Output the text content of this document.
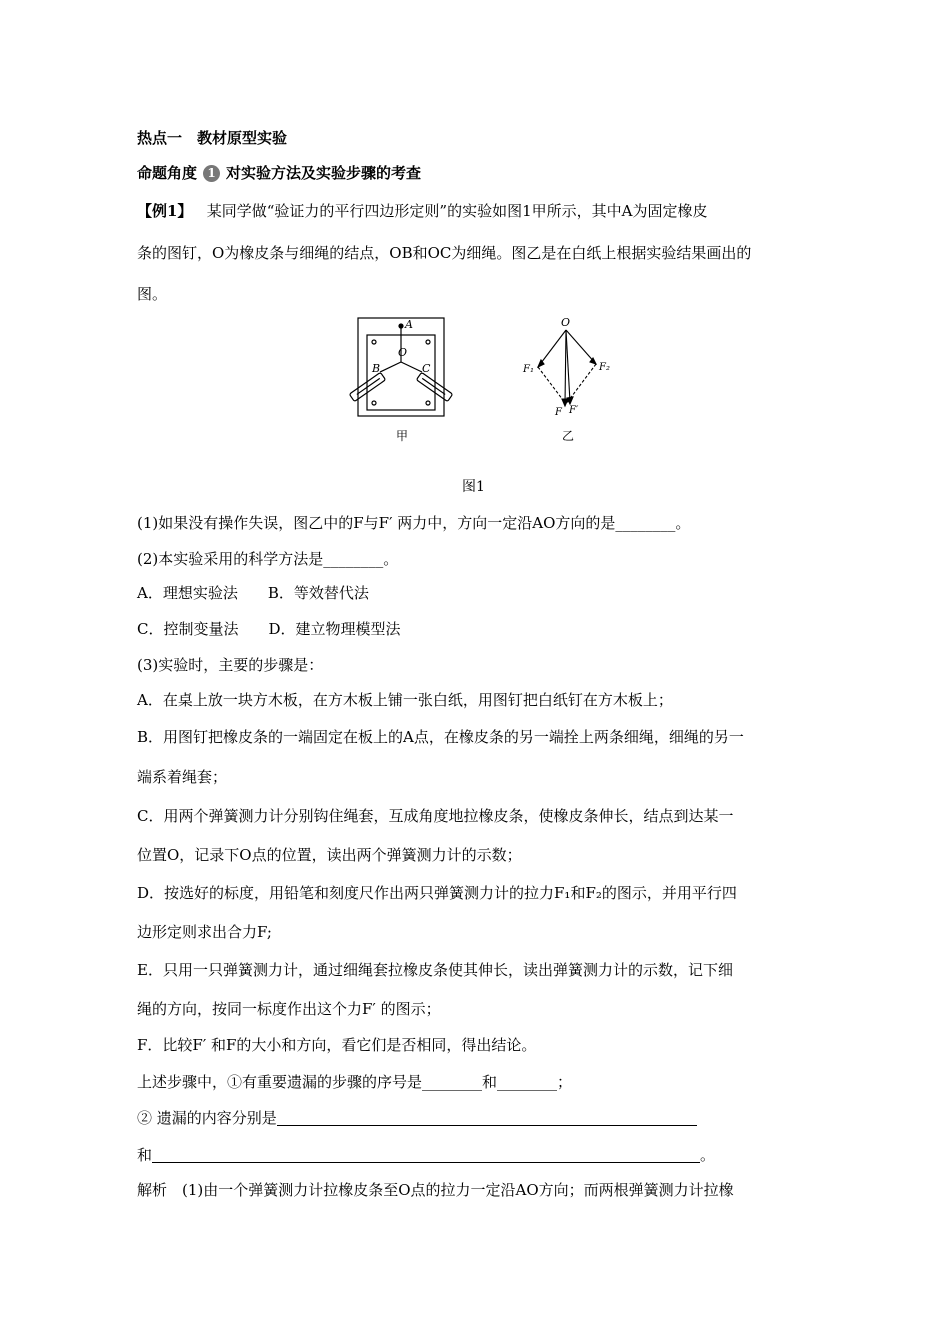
热点一　教材原型实验
命题角度 1 对实验方法及实验步骤的考查
【例1】 某同学做“验证力的平行四边形定则”的实验如图1甲所示，其中A为固定橡皮
条的图钉，O为橡皮条与细绳的结点，OB和OC为细绳。图乙是在白纸上根据实验结果画出的
图。
A
O
B	C
O
F₁	F₂
F F′
甲	乙
图1
(1)如果没有操作失误，图乙中的F与F′ 两力中，方向一定沿AO方向的是________。
(2)本实验采用的科学方法是________。
A．理想实验法　　B．等效替代法
C．控制变量法　　D．建立物理模型法
(3)实验时，主要的步骤是：
A．在桌上放一块方木板，在方木板上铺一张白纸，用图钉把白纸钉在方木板上；
B．用图钉把橡皮条的一端固定在板上的A点，在橡皮条的另一端拴上两条细绳，细绳的另一
端系着绳套；
C．用两个弹簧测力计分别钩住绳套，互成角度地拉橡皮条，使橡皮条伸长，结点到达某一
位置O，记录下O点的位置，读出两个弹簧测力计的示数；
D．按选好的标度，用铅笔和刻度尺作出两只弹簧测力计的拉力F₁和F₂的图示，并用平行四
边形定则求出合力F;
E．只用一只弹簧测力计，通过细绳套拉橡皮条使其伸长，读出弹簧测力计的示数，记下细
绳的方向，按同一标度作出这个力F′ 的图示；
F．比较F′ 和F的大小和方向，看它们是否相同，得出结论。
上述步骤中，①有重要遗漏的步骤的序号是________和________；
② 遗漏的内容分别是
和	。
解析　(1)由一个弹簧测力计拉橡皮条至O点的拉力一定沿AO方向；而两根弹簧测力计拉橡
